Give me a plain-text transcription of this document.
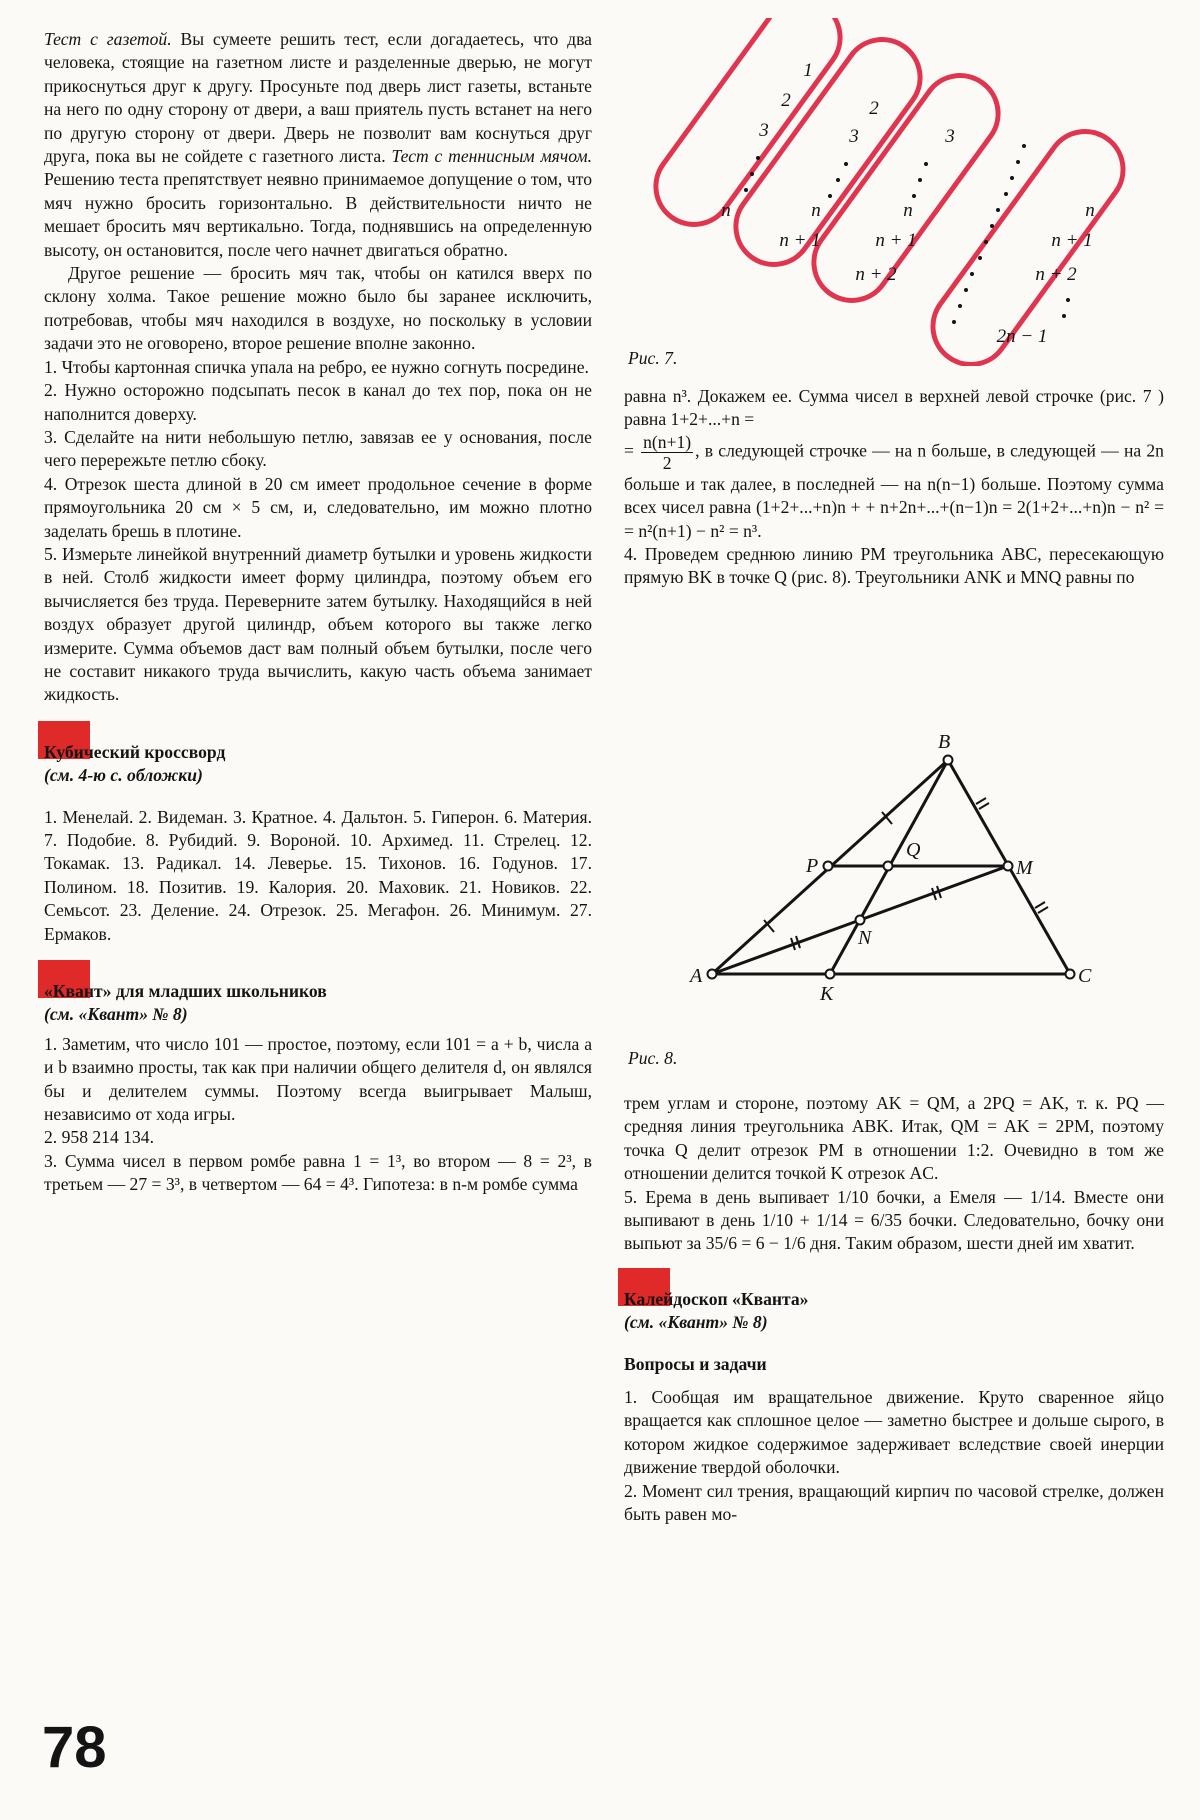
Тест с газетой. Вы сумеете решить тест, если догадаетесь, что два человека, стоящие на газетном листе и разделенные дверью, не могут прикоснуться друг к другу. Просуньте под дверь лист газеты, встаньте на него по одну сторону от двери, а ваш приятель пусть встанет на него по другую сторону от двери. Дверь не позволит вам коснуться друг друга, пока вы не сойдете с газетного листа. Тест с теннисным мячом. Решению теста препятствует неявно принимаемое допущение о том, что мяч нужно бросить горизонтально. В действительности ничто не мешает бросить мяч вертикально. Тогда, поднявшись на определенную высоту, он остановится, после чего начнет двигаться обратно.

Другое решение — бросить мяч так, чтобы он катился вверх по склону холма. Такое решение можно было бы заранее исключить, потребовав, чтобы мяч находился в воздухе, но поскольку в условии задачи это не оговорено, второе решение вполне законно.

1. Чтобы картонная спичка упала на ребро, ее нужно согнуть посредине.

2. Нужно осторожно подсыпать песок в канал до тех пор, пока он не наполнится доверху.

3. Сделайте на нити небольшую петлю, завязав ее у основания, после чего перережьте петлю сбоку.

4. Отрезок шеста длиной в 20 см имеет продольное сечение в форме прямоугольника 20 см × 5 см, и, следовательно, им можно плотно заделать брешь в плотине.

5. Измерьте линейкой внутренний диаметр бутылки и уровень жидкости в ней. Столб жидкости имеет форму цилиндра, поэтому объем его вычисляется без труда. Переверните затем бутылку. Находящийся в ней воздух образует другой цилиндр, объем которого вы также легко измерите. Сумма объемов даст вам полный объем бутылки, после чего не составит никакого труда вычислить, какую часть объема занимает жидкость.

Кубический кроссворд
(см. 4-ю с. обложки)

1. Менелай. 2. Видеман. 3. Кратное. 4. Дальтон. 5. Гиперон. 6. Материя. 7. Подобие. 8. Рубидий. 9. Вороной. 10. Архимед. 11. Стрелец. 12. Токамак. 13. Радикал. 14. Леверье. 15. Тихонов. 16. Годунов. 17. Полином. 18. Позитив. 19. Калория. 20. Маховик. 21. Новиков. 22. Семьсот. 23. Деление. 24. Отрезок. 25. Мегафон. 26. Минимум. 27. Ермаков.

«Квант» для младших школьников
(см. «Квант» № 8)

1. Заметим, что число 101 — простое, поэтому, если 101 = a + b, числа a и b взаимно просты, так как при наличии общего делителя d, он являлся бы и делителем суммы. Поэтому всегда выигрывает Малыш, независимо от хода игры.

2. 958 214 134.

3. Сумма чисел в первом ромбе равна 1 = 1³, во втором — 8 = 2³, в третьем — 27 = 3³, в четвертом — 64 = 4³. Гипотеза: в n-м ромбе сумма

1
2
3
n
2
3
n
n + 1
3
n
n + 1
n + 2
n
n + 1
n + 2
2n − 1
Рис. 7.

равна n³. Докажем ее. Сумма чисел в верхней левой строчке (рис. 7 ) равна 1+2+...+n =

= $\frac{n(n+1)}{2}$ , в следующей строчке — на n больше, в следующей — на 2n больше и так далее, в последней — на n(n−1) больше. Поэтому сумма всех чисел равна (1+2+...+n)n + + n+2n+...+(n−1)n = 2(1+2+...+n)n − n² = = n²(n+1) − n² = n³.

4. Проведем среднюю линию PM треугольника ABC, пересекающую прямую BK в точке Q (рис. 8). Треугольники ANK и MNQ равны по

B
P
Q
M
N
A
K
C
Рис. 8.

трем углам и стороне, поэтому AK = QM, а 2PQ = AK, т. к. PQ — средняя линия треугольника ABK. Итак, QM = AK = 2PM, поэтому точка Q делит отрезок PM в отношении 1:2. Очевидно в том же отношении делится точкой K отрезок AC.

5. Ерема в день выпивает 1/10 бочки, а Емеля — 1/14. Вместе они выпивают в день 1/10 + 1/14 = 6/35 бочки. Следовательно, бочку они выпьют за 35/6 = 6 − 1/6 дня. Таким образом, шести дней им хватит.

Калейдоскоп «Кванта»
(см. «Квант» № 8)

Вопросы и задачи

1. Сообщая им вращательное движение. Круто сваренное яйцо вращается как сплошное целое — заметно быстрее и дольше сырого, в котором жидкое содержимое задерживает вследствие своей инерции движение твердой оболочки.

2. Момент сил трения, вращающий кирпич по часовой стрелке, должен быть равен мо-

78
